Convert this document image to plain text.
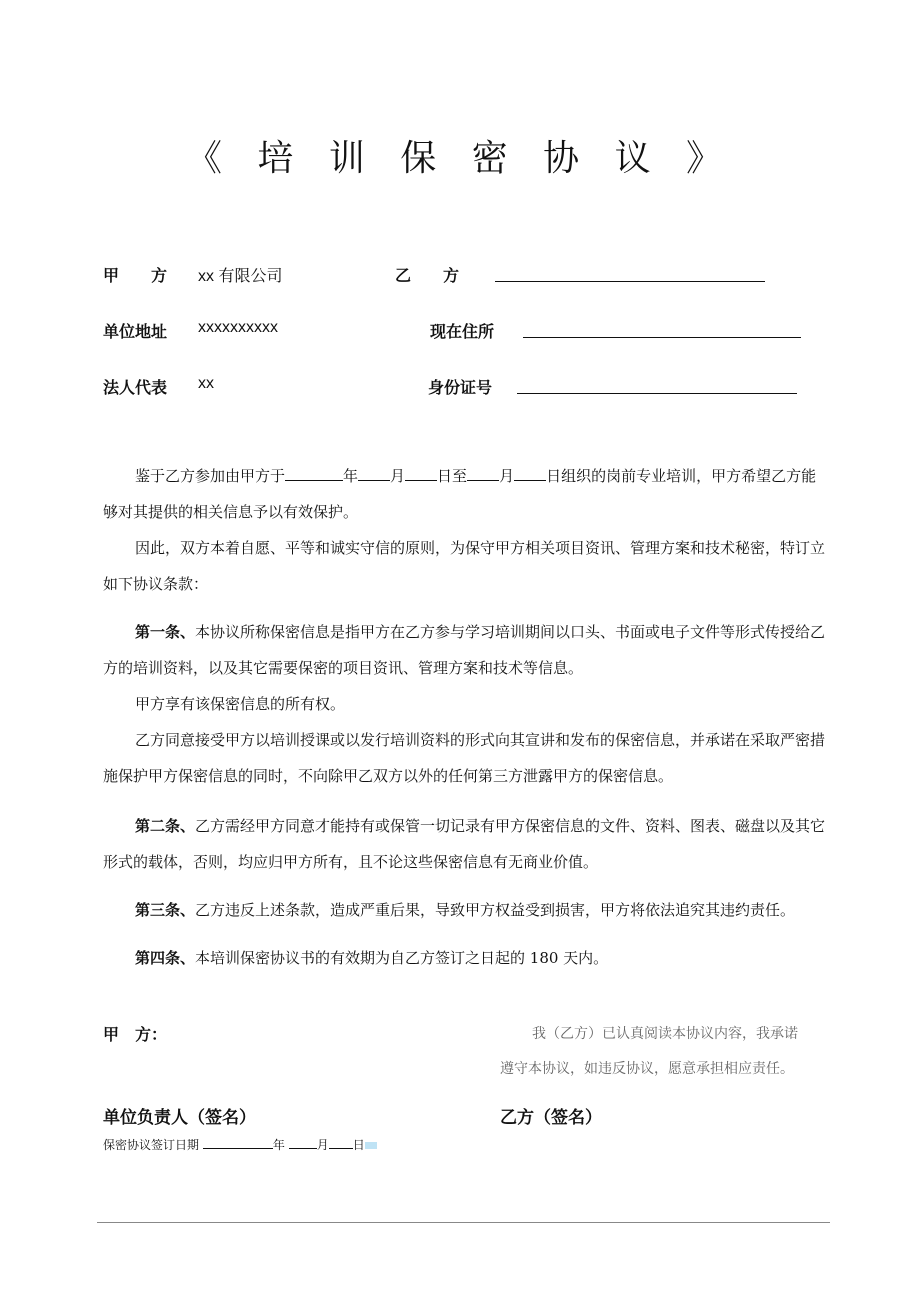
《 培 训 保 密 协 议 》
甲　　方 xx 有限公司	乙　　方
单位地址 xxxxxxxxxx	现在住所
法人代表 xx	身份证号
鉴于乙方参加由甲方于	年 月 日至 月 日组织的岗前专业培训，甲方希望乙方能够对其提供的相关信息予以有效保护。
因此，双方本着自愿、平等和诚实守信的原则，为保守甲方相关项目资讯、管理方案和技术秘密，特订立如下协议条款：
第一条、本协议所称保密信息是指甲方在乙方参与学习培训期间以口头、书面或电子文件等形式传授给乙方的培训资料，以及其它需要保密的项目资讯、管理方案和技术等信息。
甲方享有该保密信息的所有权。
乙方同意接受甲方以培训授课或以发行培训资料的形式向其宣讲和发布的保密信息，并承诺在采取严密措施保护甲方保密信息的同时，不向除甲乙双方以外的任何第三方泄露甲方的保密信息。
第二条、乙方需经甲方同意才能持有或保管一切记录有甲方保密信息的文件、资料、图表、磁盘以及其它形式的载体，否则，均应归甲方所有，且不论这些保密信息有无商业价值。
第三条、乙方违反上述条款，造成严重后果，导致甲方权益受到损害，甲方将依法追究其违约责任。
第四条、本培训保密协议书的有效期为自乙方签订之日起的 180 天内。
甲　方：	我（乙方）已认真阅读本协议内容，我承诺
遵守本协议，如违反协议，愿意承担相应责任。
单位负责人（签名）	乙方（签名）
保密协议签订日期	年	月 日
